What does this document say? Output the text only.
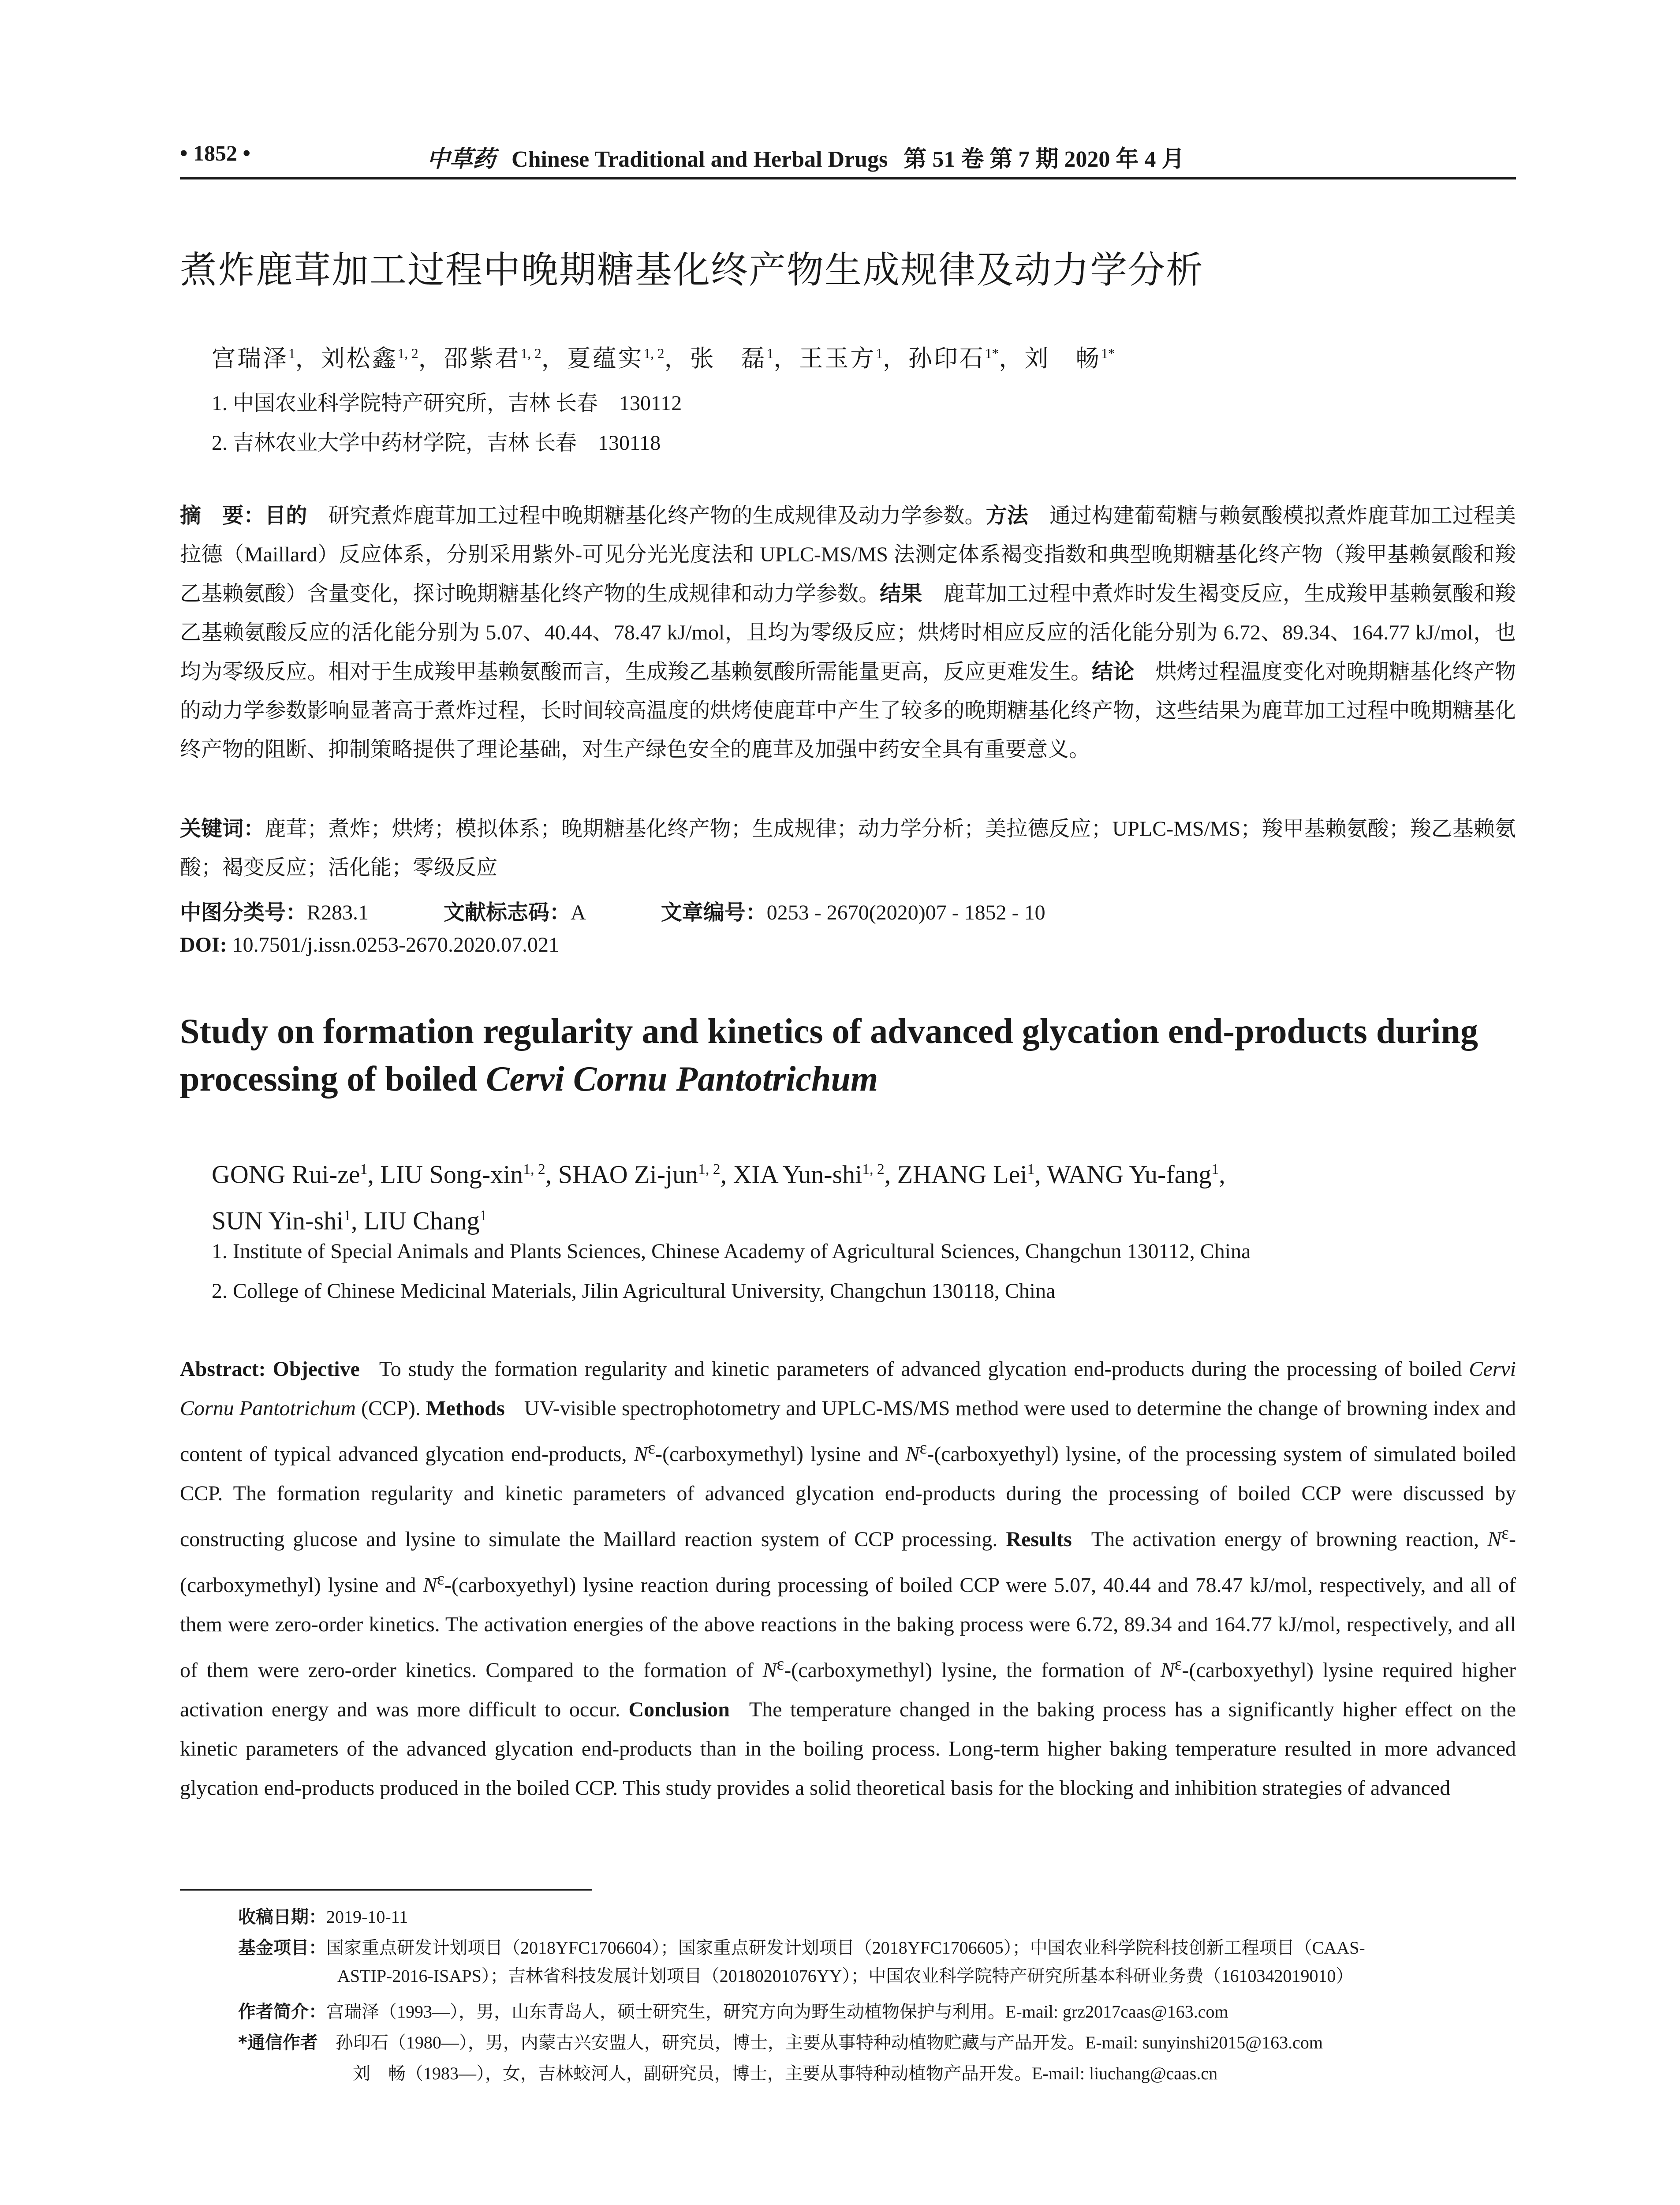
• 1852 •	中草药 Chinese Traditional and Herbal Drugs 第 51 卷 第 7 期 2020 年 4 月
煮炸鹿茸加工过程中晚期糖基化终产物生成规律及动力学分析
宫瑞泽$^1$，刘松鑫$^{1, 2}$，邵紫君$^{1, 2}$，夏蕴实$^{1, 2}$，张　磊$^1$，王玉方$^1$，孙印石$^{1*}$，刘　畅$^{1*}$
1. 中国农业科学院特产研究所，吉林 长春　130112
2. 吉林农业大学中药材学院，吉林 长春　130118
摘　要：目的 研究煮炸鹿茸加工过程中晚期糖基化终产物的生成规律及动力学参数。方法 通过构建葡萄糖与赖氨酸模拟煮炸鹿茸加工过程美拉德（Maillard）反应体系，分别采用紫外-可见分光光度法和 UPLC-MS/MS 法测定体系褐变指数和典型晚期糖基化终产物（羧甲基赖氨酸和羧乙基赖氨酸）含量变化，探讨晚期糖基化终产物的生成规律和动力学参数。结果 鹿茸加工过程中煮炸时发生褐变反应，生成羧甲基赖氨酸和羧乙基赖氨酸反应的活化能分别为 5.07、40.44、78.47 kJ/mol，且均为零级反应；烘烤时相应反应的活化能分别为 6.72、89.34、164.77 kJ/mol，也均为零级反应。相对于生成羧甲基赖氨酸而言，生成羧乙基赖氨酸所需能量更高，反应更难发生。结论 烘烤过程温度变化对晚期糖基化终产物的动力学参数影响显著高于煮炸过程，长时间较高温度的烘烤使鹿茸中产生了较多的晚期糖基化终产物，这些结果为鹿茸加工过程中晚期糖基化终产物的阻断、抑制策略提供了理论基础，对生产绿色安全的鹿茸及加强中药安全具有重要意义。
关键词：鹿茸；煮炸；烘烤；模拟体系；晚期糖基化终产物；生成规律；动力学分析；美拉德反应；UPLC-MS/MS；羧甲基赖氨酸；羧乙基赖氨酸；褐变反应；活化能；零级反应
中图分类号：R283.1	文献标志码：A	文章编号：0253 - 2670(2020)07 - 1852 - 10
DOI: 10.7501/j.issn.0253-2670.2020.07.021
Study on formation regularity and kinetics of advanced glycation end-products during processing of boiled Cervi Cornu Pantotrichum
GONG Rui-$ze^1$, LIU Song-xin$^{1, 2}$, SHAO Zi-jun$^{1, 2}$, XIA Yun-shi$^{1, 2}$, ZHANG Lei$^1$, WANG Yu-fang$^1$,
SUN Yin-shi$^1$, LIU Chang$^1$
1. Institute of Special Animals and Plants Sciences, Chinese Academy of Agricultural Sciences, Changchun 130112, China
2. College of Chinese Medicinal Materials, Jilin Agricultural University, Changchun 130118, China
Abstract: Objective To study the formation regularity and kinetic parameters of advanced glycation end-products during the processing of boiled Cervi Cornu Pantotrichum (CCP). Methods UV-visible spectrophotometry and UPLC-MS/MS method were used to determine the change of browning index and content of typical advanced glycation end-products, $N^\varepsilon-(carboxymethyl)$ lysine and $N^\varepsilon-(carboxyethyl)$ lysine, of the processing system of simulated boiled CCP. The formation regularity and kinetic parameters of advanced glycation end-products during the processing of boiled CCP were discussed by constructing glucose and lysine to simulate the Maillard reaction system of CCP processing. Results The activation energy of browning reaction, $N^\varepsilon-(carboxymethyl)$ lysine and $N^\varepsilon-(carboxyethyl)$ lysine reaction during processing of boiled CCP were 5.07, 40.44 and 78.47 kJ/mol, respectively, and all of them were zero-order kinetics. The activation energies of the above reactions in the baking process were 6.72, 89.34 and 164.77 kJ/mol, respectively, and all of them were zero-order kinetics. Compared to the formation of $N^\varepsilon-(carboxymethyl)$ lysine, the formation of $N^\varepsilon-(carboxyethyl)$ lysine required higher activation energy and was more difficult to occur. Conclusion The temperature changed in the baking process has a significantly higher effect on the kinetic parameters of the advanced glycation end-products than in the boiling process. Long-term higher baking temperature resulted in more advanced glycation end-products produced in the boiled CCP. This study provides a solid theoretical basis for the blocking and inhibition strategies of advanced
收稿日期：2019-10-11
基金项目：国家重点研发计划项目（2018YFC1706604）；国家重点研发计划项目（2018YFC1706605）；中国农业科学院科技创新工程项目（CAAS-
ASTIP-2016-ISAPS）；吉林省科技发展计划项目（20180201076YY）；中国农业科学院特产研究所基本科研业务费（1610342019010）
作者简介：宫瑞泽（1993—），男，山东青岛人，硕士研究生，研究方向为野生动植物保护与利用。E-mail: grz2017caas@163.com
*通信作者　 孙印石（1980—），男，内蒙古兴安盟人，研究员，博士，主要从事特种动植物贮藏与产品开发。E-mail: sunyinshi2015@163.com
刘　畅（1983—），女，吉林蛟河人，副研究员，博士，主要从事特种动植物产品开发。E-mail: liuchang@caas.cn
